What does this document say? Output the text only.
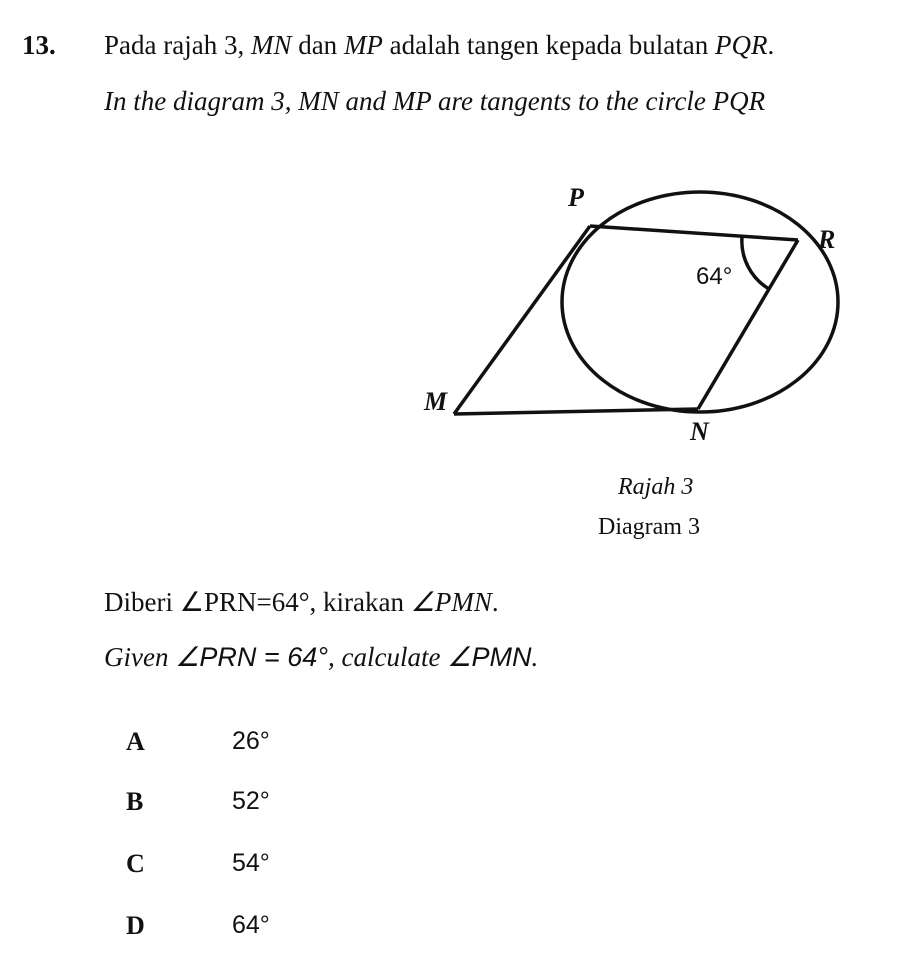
13. Pada rajah 3, MN dan MP adalah tangen kepada bulatan PQR.
In the diagram 3, MN and MP are tangents to the circle PQR
P
R
M
N
64°
Rajah 3
Diagram 3
Diberi ∠PRN=64°, kirakan ∠PMN.
Given ∠PRN = 64°, calculate ∠PMN.
A	26°
B	52°
C	54°
D	64°
